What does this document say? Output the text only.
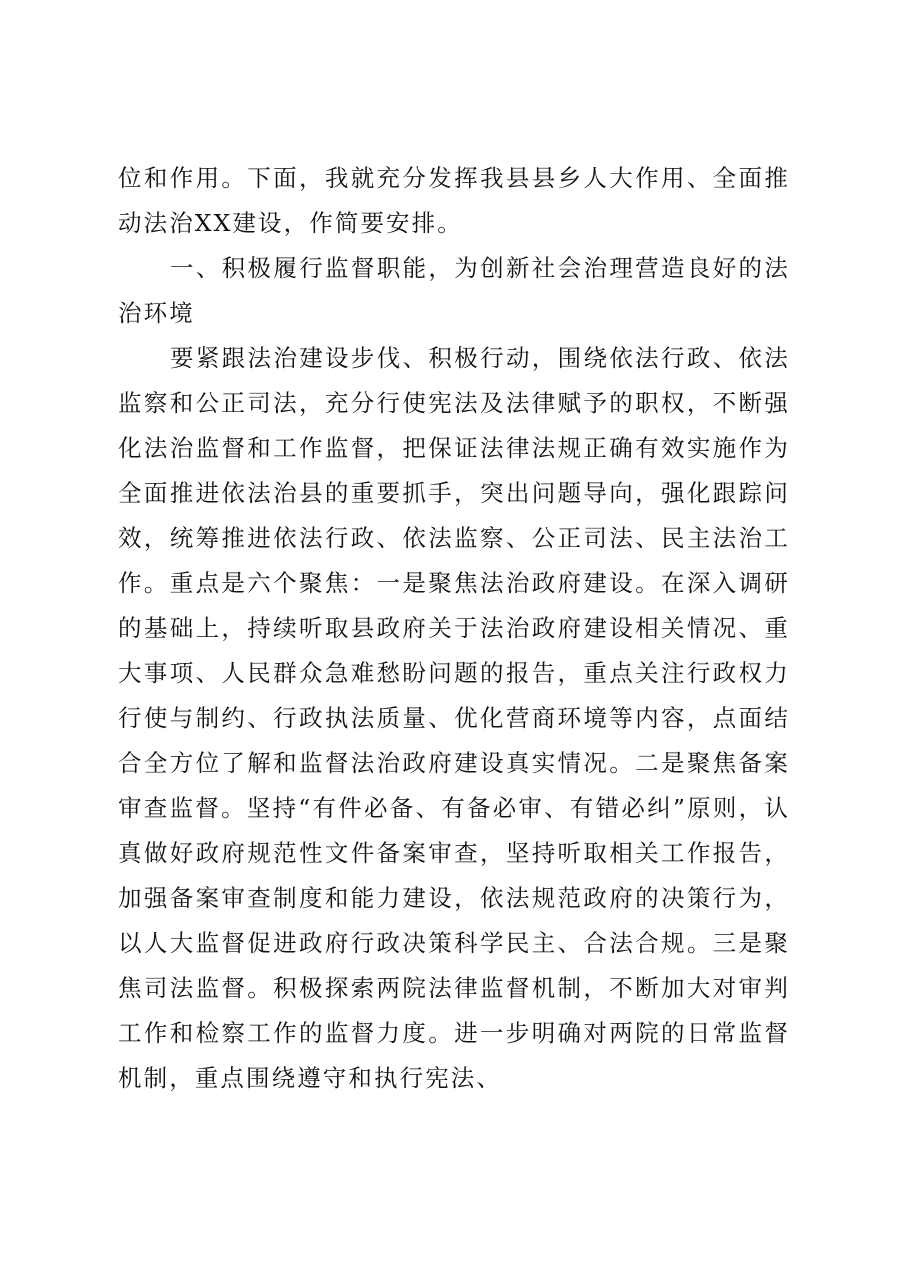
位和作用。下面，我就充分发挥我县县乡人大作用、全面推动法治XX建设，作简要安排。

一、积极履行监督职能，为创新社会治理营造良好的法治环境

要紧跟法治建设步伐、积极行动，围绕依法行政、依法监察和公正司法，充分行使宪法及法律赋予的职权，不断强化法治监督和工作监督，把保证法律法规正确有效实施作为全面推进依法治县的重要抓手，突出问题导向，强化跟踪问效，统筹推进依法行政、依法监察、公正司法、民主法治工作。重点是六个聚焦：一是聚焦法治政府建设。在深入调研的基础上，持续听取县政府关于法治政府建设相关情况、重大事项、人民群众急难愁盼问题的报告，重点关注行政权力行使与制约、行政执法质量、优化营商环境等内容，点面结合全方位了解和监督法治政府建设真实情况。二是聚焦备案审查监督。坚持“有件必备、有备必审、有错必纠”原则，认真做好政府规范性文件备案审查，坚持听取相关工作报告，加强备案审查制度和能力建设，依法规范政府的决策行为，以人大监督促进政府行政决策科学民主、合法合规。三是聚焦司法监督。积极探索两院法律监督机制，不断加大对审判工作和检察工作的监督力度。进一步明确对两院的日常监督机制，重点围绕遵守和执行宪法、
